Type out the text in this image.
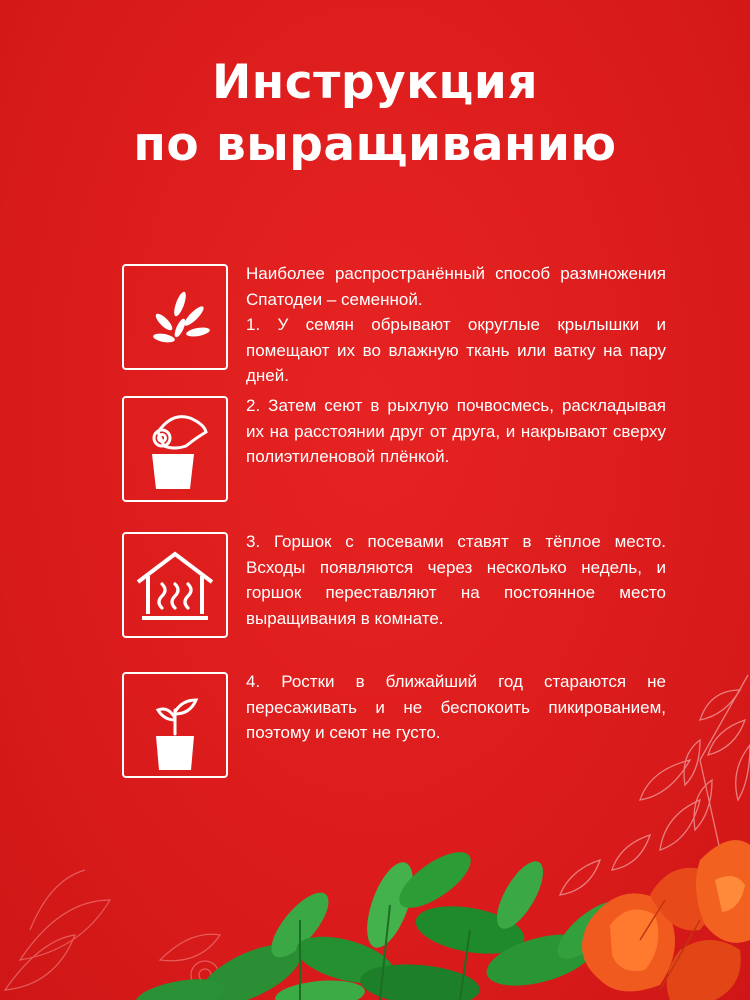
Инструкция
по выращиванию

Наиболее распространённый способ размножения Спатодеи – семенной.

1. У семян обрывают округлые крылышки и помещают их во влажную ткань или ватку на пару дней.

2. Затем сеют в рыхлую почвосмесь, раскладывая их на расстоянии друг от друга, и накрывают сверху полиэтиленовой плёнкой.

3. Горшок с посевами ставят в тёплое место. Всходы появляются через несколько недель, и горшок переставляют на постоянное место выращивания в комнате.

4. Ростки в ближайший год стараются не пересаживать и не беспокоить пикированием, поэтому и сеют не густо.
